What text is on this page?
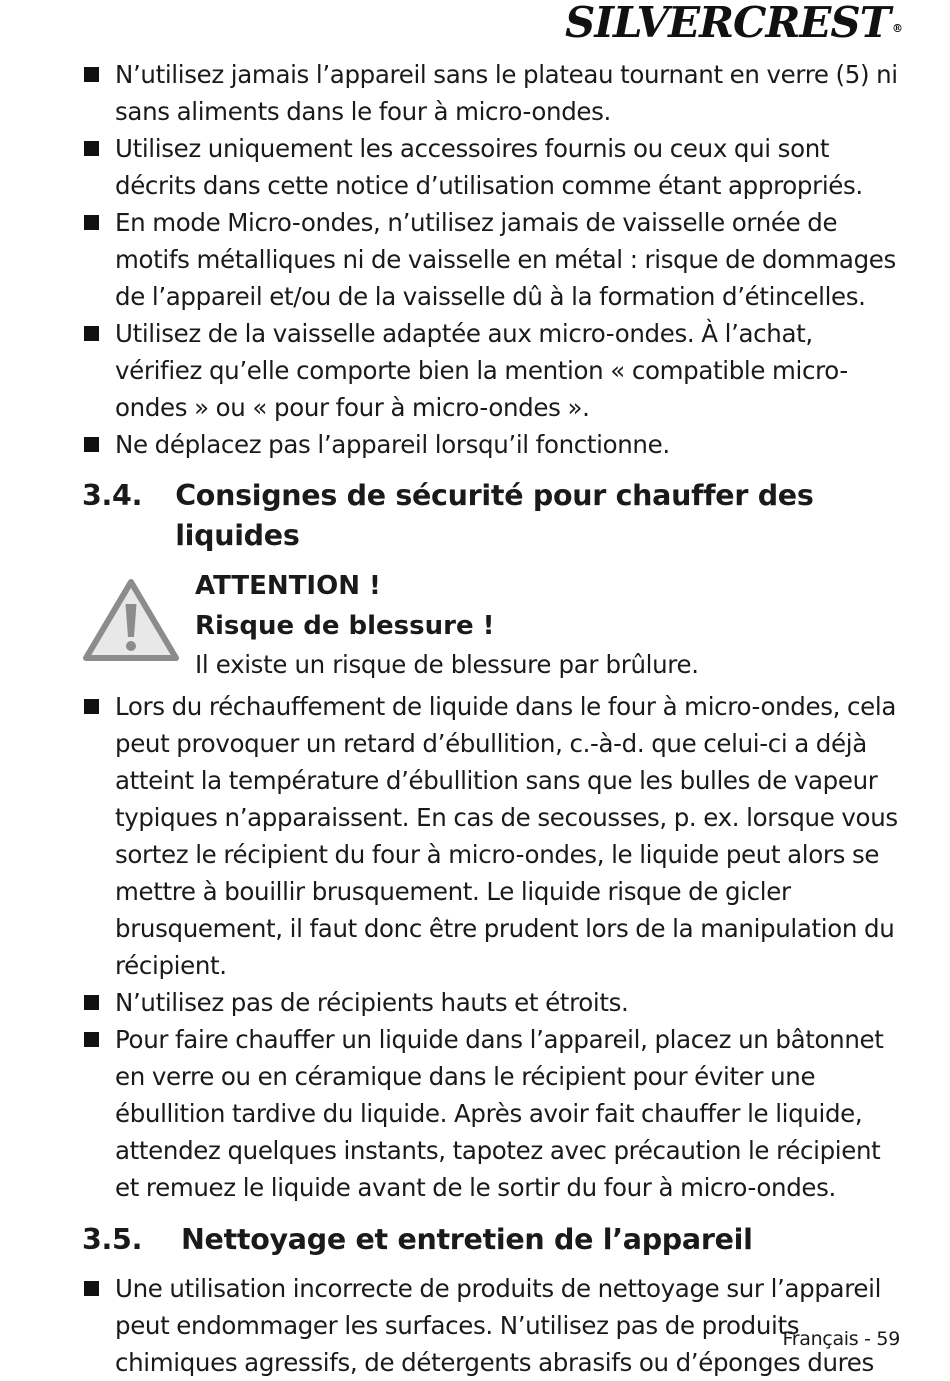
SILVERCREST ®
N’utilisez jamais l’appareil sans le plateau tournant en verre (5) ni sans aliments dans le four à micro-ondes.
Utilisez uniquement les accessoires fournis ou ceux qui sont décrits dans cette notice d’utilisation comme étant appropriés.
En mode Micro-ondes, n’utilisez jamais de vaisselle ornée de motifs métalliques ni de vaisselle en métal : risque de dommages de l’appareil et/ou de la vaisselle dû à la formation d’étincelles.
Utilisez de la vaisselle adaptée aux micro-ondes. À l’achat, vérifiez qu’elle comporte bien la mention « compatible micro-ondes » ou « pour four à micro-ondes ».
Ne déplacez pas l’appareil lorsqu’il fonctionne.
3.4.	Consignes de sécurité pour chauffer des liquides
ATTENTION !
Risque de blessure !
Il existe un risque de blessure par brûlure.
Lors du réchauffement de liquide dans le four à micro-ondes, cela peut provoquer un retard d’ébullition, c.-à-d. que celui-ci a déjà atteint la température d’ébullition sans que les bulles de vapeur typiques n’apparaissent. En cas de secousses, p. ex. lorsque vous sortez le récipient du four à micro-ondes, le liquide peut alors se mettre à bouillir brusquement. Le liquide risque de gicler brusquement, il faut donc être prudent lors de la manipulation du récipient.
N’utilisez pas de récipients hauts et étroits.
Pour faire chauffer un liquide dans l’appareil, placez un bâtonnet en verre ou en céramique dans le récipient pour éviter une ébullition tardive du liquide. Après avoir fait chauffer le liquide, attendez quelques instants, tapotez avec précaution le récipient et remuez le liquide avant de le sortir du four à micro-ondes.
3.5.	Nettoyage et entretien de l’appareil
Une utilisation incorrecte de produits de nettoyage sur l’appareil peut endommager les surfaces. N’utilisez pas de produits chimiques agressifs, de détergents abrasifs ou d’éponges dures
Français - 59
